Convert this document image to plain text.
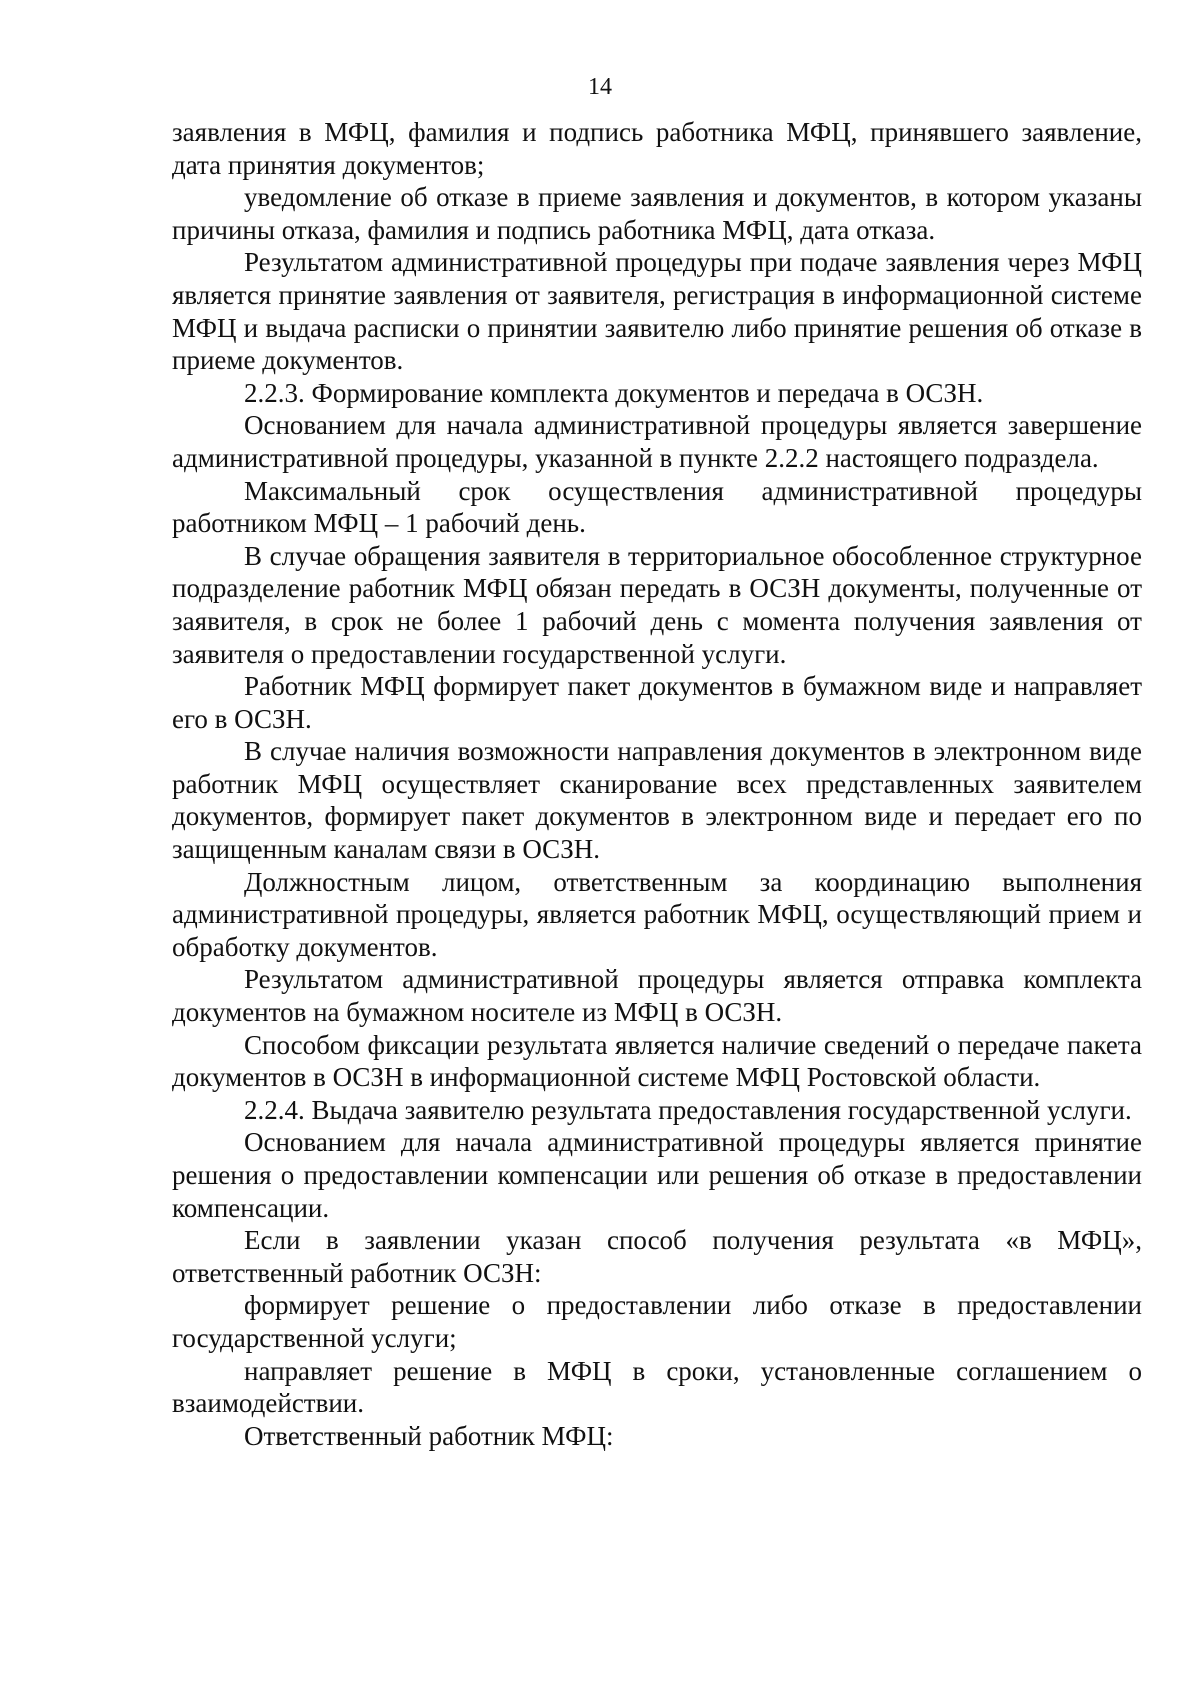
14

заявления в МФЦ, фамилия и подпись работника МФЦ, принявшего заявление, дата принятия документов;

уведомление об отказе в приеме заявления и документов, в котором указаны причины отказа, фамилия и подпись работника МФЦ, дата отказа.

Результатом административной процедуры при подаче заявления через МФЦ является принятие заявления от заявителя, регистрация в информационной системе МФЦ и выдача расписки о принятии заявителю либо принятие решения об отказе в приеме документов.

2.2.3. Формирование комплекта документов и передача в ОСЗН.

Основанием для начала административной процедуры является завершение административной процедуры, указанной в пункте 2.2.2 настоящего подраздела.

Максимальный срок осуществления административной процедуры работником МФЦ – 1 рабочий день.

В случае обращения заявителя в территориальное обособленное структурное подразделение работник МФЦ обязан передать в ОСЗН документы, полученные от заявителя, в срок не более 1 рабочий день с момента получения заявления от заявителя о предоставлении государственной услуги.

Работник МФЦ формирует пакет документов в бумажном виде и направляет его в ОСЗН.

В случае наличия возможности направления документов в электронном виде работник МФЦ осуществляет сканирование всех представленных заявителем документов, формирует пакет документов в электронном виде и передает его по защищенным каналам связи в ОСЗН.

Должностным лицом, ответственным за координацию выполнения административной процедуры, является работник МФЦ, осуществляющий прием и обработку документов.

Результатом административной процедуры является отправка комплекта документов на бумажном носителе из МФЦ в ОСЗН.

Способом фиксации результата является наличие сведений о передаче пакета документов в ОСЗН в информационной системе МФЦ Ростовской области.

2.2.4. Выдача заявителю результата предоставления государственной услуги.

Основанием для начала административной процедуры является принятие решения о предоставлении компенсации или решения об отказе в предоставлении компенсации.

Если в заявлении указан способ получения результата «в МФЦ», ответственный работник ОСЗН:

формирует решение о предоставлении либо отказе в предоставлении государственной услуги;

направляет решение в МФЦ в сроки, установленные соглашением о взаимодействии.

Ответственный работник МФЦ:
